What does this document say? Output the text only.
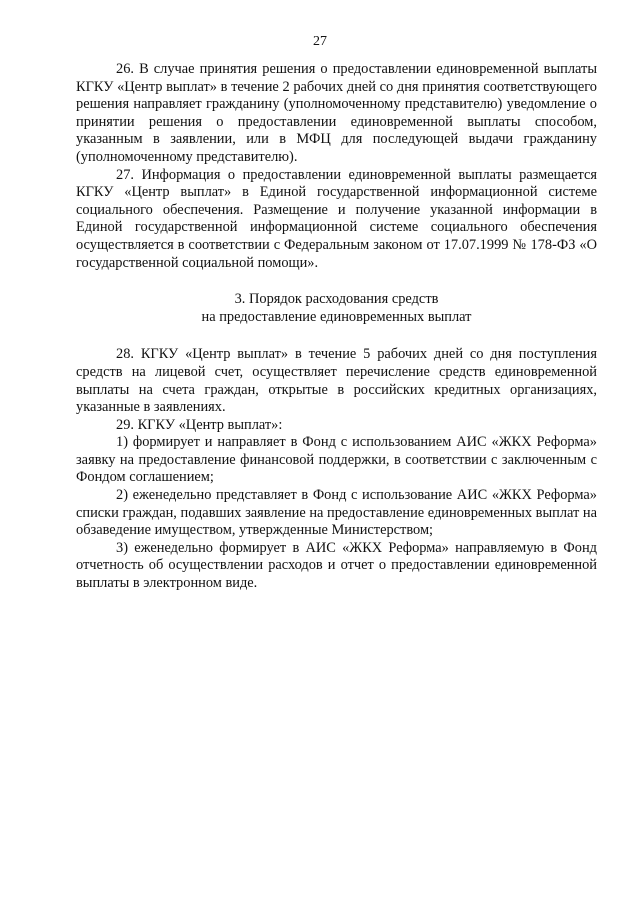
27

26. В случае принятия решения о предоставлении единовременной выплаты КГКУ «Центр выплат» в течение 2 рабочих дней со дня принятия соответствующего решения направляет гражданину (уполномоченному представителю) уведомление о принятии решения о предоставлении единовременной выплаты способом, указанным в заявлении, или в МФЦ для последующей выдачи гражданину (уполномоченному представителю).

27. Информация о предоставлении единовременной выплаты размещается КГКУ «Центр выплат» в Единой государственной информационной системе социального обеспечения. Размещение и получение указанной информации в Единой государственной информационной системе социального обеспечения осуществляется в соответствии с Федеральным законом от 17.07.1999 № 178-ФЗ «О государственной социальной помощи».

3. Порядок расходования средств

на предоставление единовременных выплат

28. КГКУ «Центр выплат» в течение 5 рабочих дней со дня поступления средств на лицевой счет, осуществляет перечисление средств единовременной выплаты на счета граждан, открытые в российских кредитных организациях, указанные в заявлениях.

29. КГКУ «Центр выплат»:

1) формирует и направляет в Фонд с использованием АИС «ЖКХ Реформа» заявку на предоставление финансовой поддержки, в соответствии с заключенным с Фондом соглашением;

2) еженедельно представляет в Фонд с использование АИС «ЖКХ Реформа» списки граждан, подавших заявление на предоставление единовременных выплат на обзаведение имуществом, утвержденные Министерством;

3) еженедельно формирует в АИС «ЖКХ Реформа» направляемую в Фонд отчетность об осуществлении расходов и отчет о предоставлении единовременной выплаты в электронном виде.
